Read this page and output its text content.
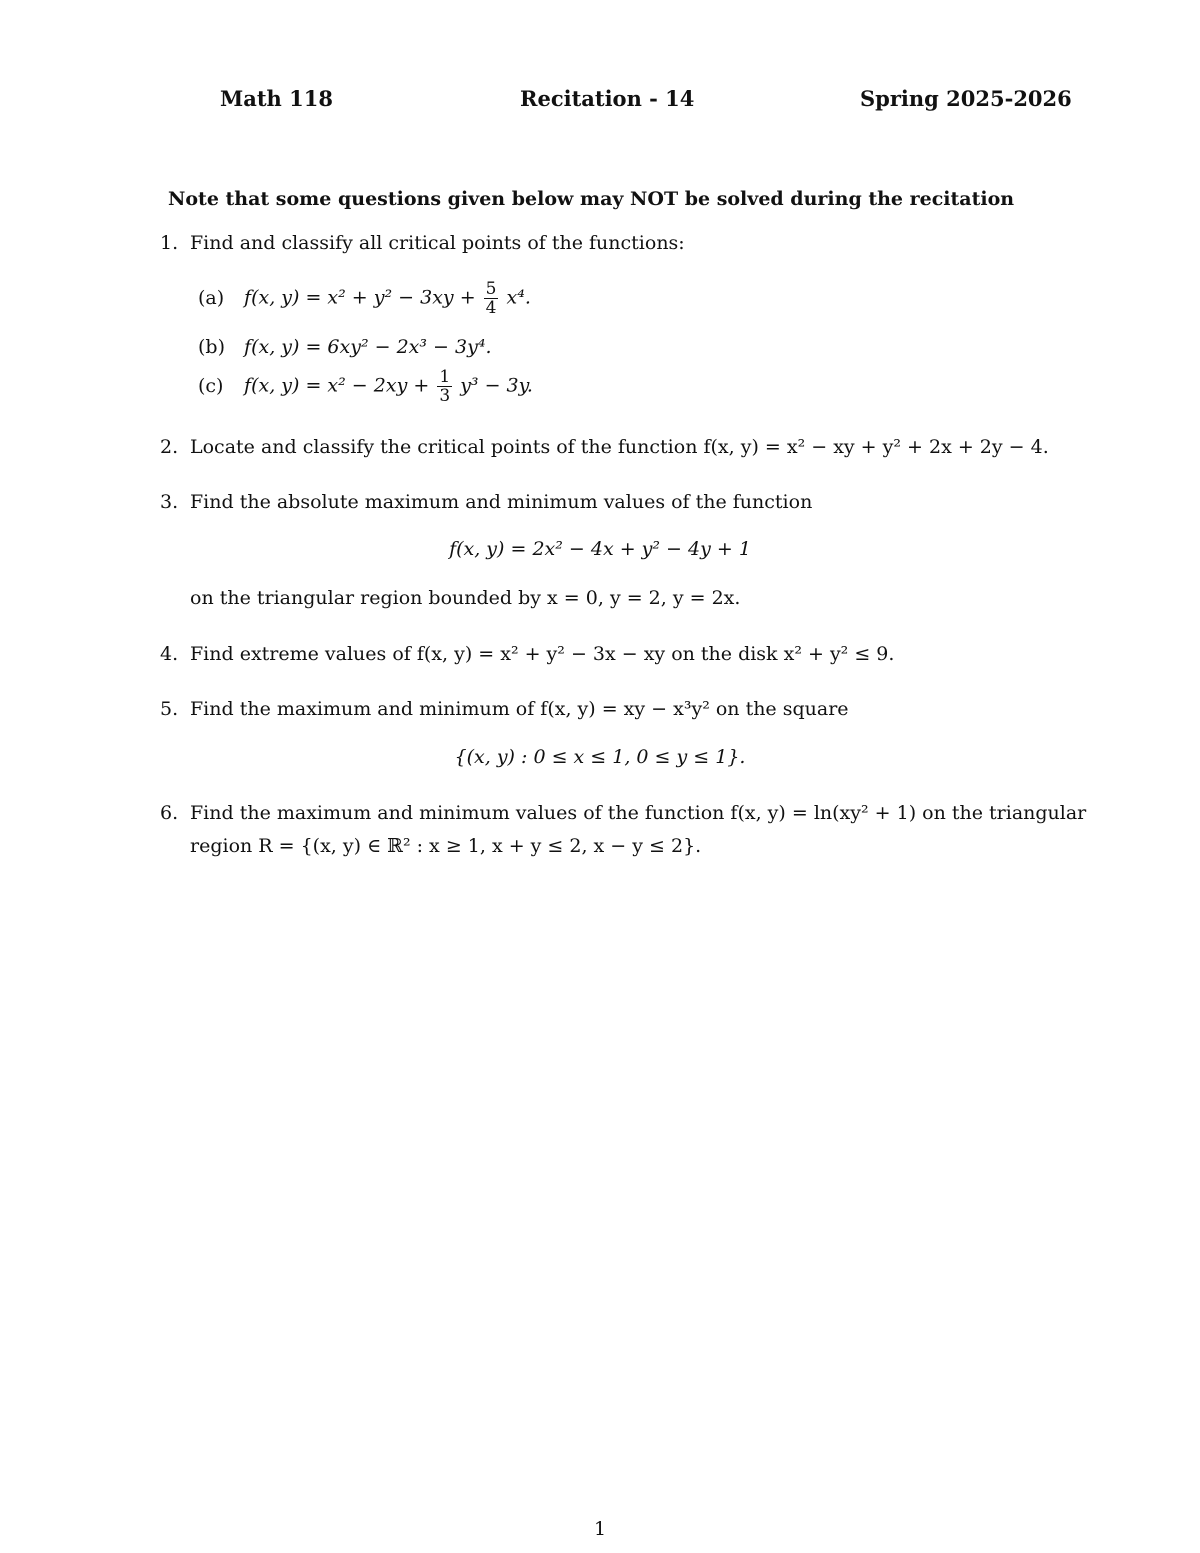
Math 118	Recitation - 14	Spring 2025-2026
Note that some questions given below may NOT be solved during the recitation
1. Find and classify all critical points of the functions:
(a) f(x, $y) = x^2 + y^2 - 3xy + \frac{5}{4} x^4$.
(b) f(x, y) = 6xy² − 2x³ − 3y⁴.
(c) f(x, $y) = x^2 - 2xy + \frac{1}{3} y^3 - 3y$.
2. Locate and classify the critical points of the function f(x, y) = x² − xy + y² + 2x + 2y − 4.
3. Find the absolute maximum and minimum values of the function
f(x, y) = 2x² − 4x + y² − 4y + 1
on the triangular region bounded by x = 0, y = 2, y = 2x.
4. Find extreme values of f(x, y) = x² + y² − 3x − xy on the disk x² + y² ≤ 9.
5. Find the maximum and minimum of f(x, y) = xy − x³y² on the square
{(x, y) : 0 ≤ x ≤ 1, 0 ≤ y ≤ 1}.
6. Find the maximum and minimum values of the function f(x, y) = ln(xy² + 1) on the triangular
region R = {(x, y) ∈ ℝ² : x ≥ 1, x + y ≤ 2, x − y ≤ 2}.
1
